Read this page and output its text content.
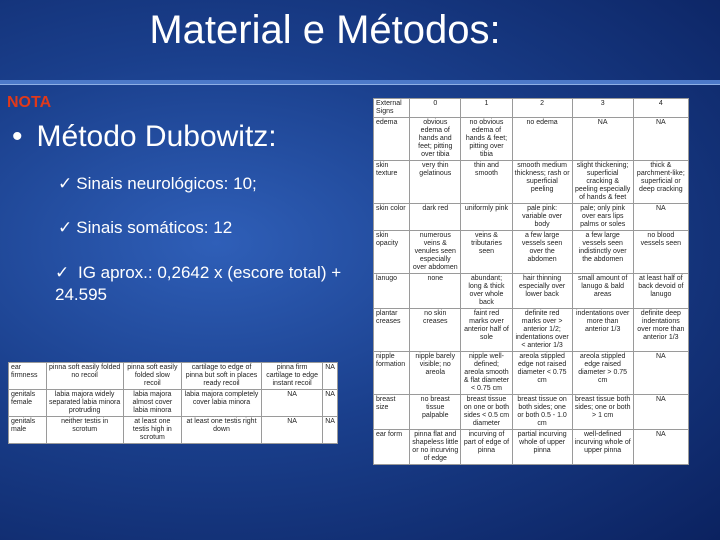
Material e Métodos:
NOTA
• Método Dubowitz:
✓ Sinais neurológicos: 10;
✓ Sinais somáticos: 12
✓ IG aprox.: 0,2642 x (escore total) + 24.595
External Signs	0	1	2	3	4
edema	obvious edema of hands and feet; pitting over tibia	no obvious edema of hands & feet; pitting over tibia	no edema	NA	NA
skin texture	very thin gelatinous	thin and smooth	smooth medium thickness; rash or superficial peeling	slight thickening; superficial cracking & peeling especially of hands & feet	thick & parchment-like; superficial or deep cracking
skin color	dark red	uniformly pink	pale pink: variable over body	pale; only pink over ears lips palms or soles	NA
skin opacity	numerous veins & venules seen especially over abdomen	veins & tributaries seen	a few large vessels seen over the abdomen	a few large vessels seen indistinctly over the abdomen	no blood vessels seen
lanugo	none	abundant; long & thick over whole back	hair thinning especially over lower back	small amount of lanugo & bald areas	at least half of back devoid of lanugo
plantar creases	no skin creases	faint red marks over anterior half of sole	definite red marks over > anterior 1/2; indentations over < anterior 1/3	indentations over more than anterior 1/3	definite deep indentations over more than anterior 1/3
nipple formation	nipple barely visible; no areola	nipple well-defined; areola smooth & flat diameter < 0.75 cm	areola stippled edge not raised diameter < 0.75 cm	areola stippled edge raised diameter > 0.75 cm	NA
breast size	no breast tissue palpable	breast tissue on one or both sides < 0.5 cm diameter	breast tissue on both sides; one or both 0.5 - 1.0 cm	breast tissue both sides; one or both > 1 cm	NA
ear form	pinna flat and shapeless little or no incurving of edge	incurving of part of edge of pinna	partial incurving whole of upper pinna	well-defined incurving whole of upper pinna	NA
ear firmness	pinna soft easily folded no recoil	pinna soft easily folded slow recoil	cartilage to edge of pinna but soft in places ready recoil	pinna firm cartilage to edge instant recoil	NA
genitals female	labia majora widely separated labia minora protruding	labia majora almost cover labia minora	labia majora completely cover labia minora	NA	NA
genitals male	neither testis in scrotum	at least one testis high in scrotum	at least one testis right down	NA	NA
